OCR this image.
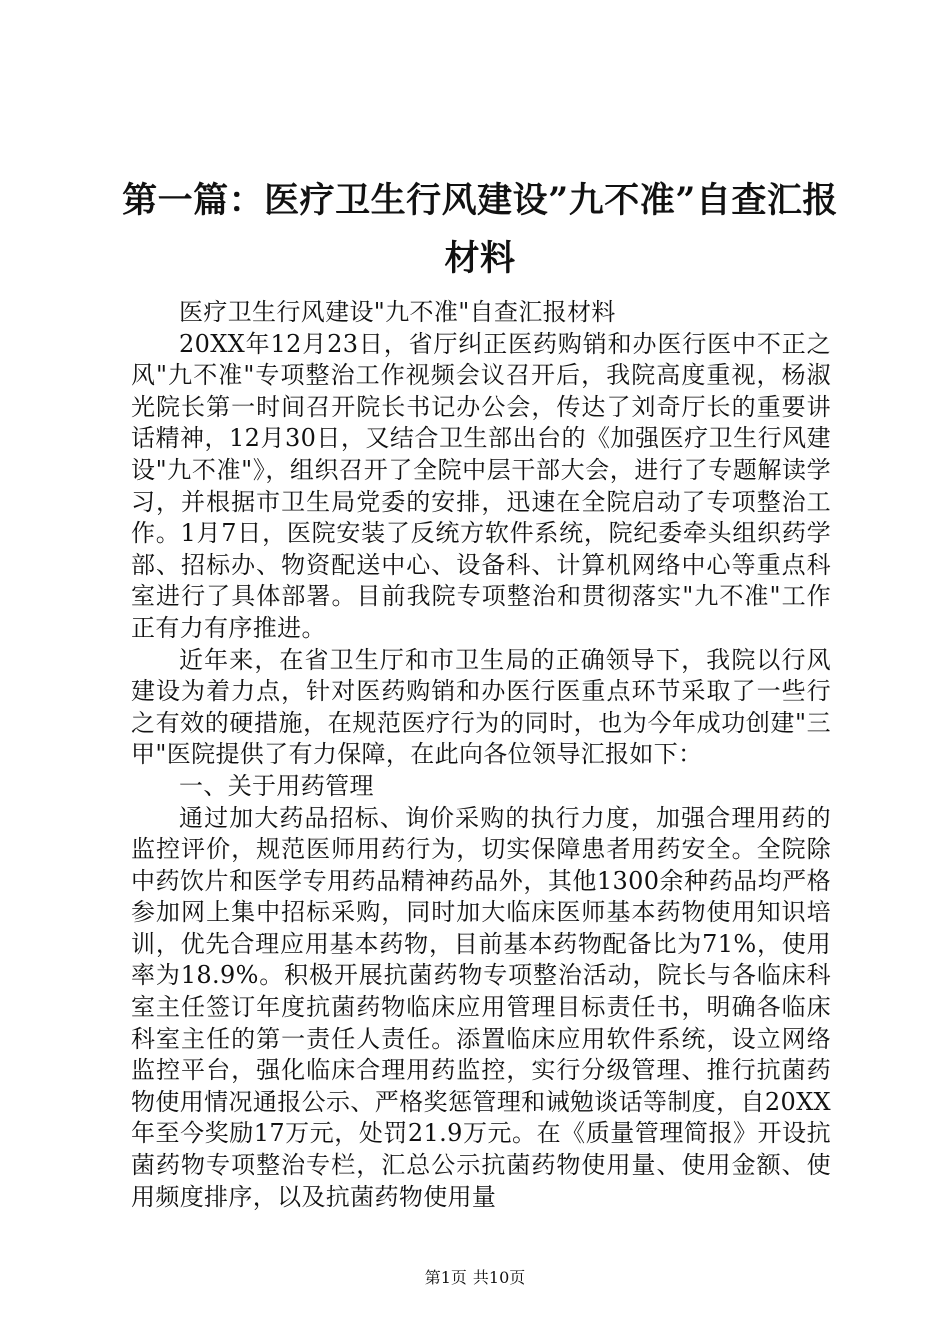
第一篇：医疗卫生行风建设”九不准”自查汇报材料

医疗卫生行风建设"九不准"自查汇报材料

20XX年12月23日，省厅纠正医药购销和办医行医中不正之风"九不准"专项整治工作视频会议召开后，我院高度重视，杨淑光院长第一时间召开院长书记办公会，传达了刘奇厅长的重要讲话精神，12月30日，又结合卫生部出台的《加强医疗卫生行风建设"九不准"》，组织召开了全院中层干部大会，进行了专题解读学习，并根据市卫生局党委的安排，迅速在全院启动了专项整治工作。1月7日，医院安装了反统方软件系统，院纪委牵头组织药学部、招标办、物资配送中心、设备科、计算机网络中心等重点科室进行了具体部署。目前我院专项整治和贯彻落实"九不准"工作正有力有序推进。

近年来，在省卫生厅和市卫生局的正确领导下，我院以行风建设为着力点，针对医药购销和办医行医重点环节采取了一些行之有效的硬措施，在规范医疗行为的同时，也为今年成功创建"三甲"医院提供了有力保障，在此向各位领导汇报如下：

一、关于用药管理

通过加大药品招标、询价采购的执行力度，加强合理用药的监控评价，规范医师用药行为，切实保障患者用药安全。全院除中药饮片和医学专用药品精神药品外，其他1300余种药品均严格参加网上集中招标采购，同时加大临床医师基本药物使用知识培训，优先合理应用基本药物，目前基本药物配备比为71%，使用率为18.9%。积极开展抗菌药物专项整治活动，院长与各临床科室主任签订年度抗菌药物临床应用管理目标责任书，明确各临床科室主任的第一责任人责任。添置临床应用软件系统，设立网络监控平台，强化临床合理用药监控，实行分级管理、推行抗菌药物使用情况通报公示、严格奖惩管理和诫勉谈话等制度，自20XX年至今奖励17万元，处罚21.9万元。在《质量管理简报》开设抗菌药物专项整治专栏，汇总公示抗菌药物使用量、使用金额、使用频度排序，以及抗菌药物使用量

第1页 共10页
